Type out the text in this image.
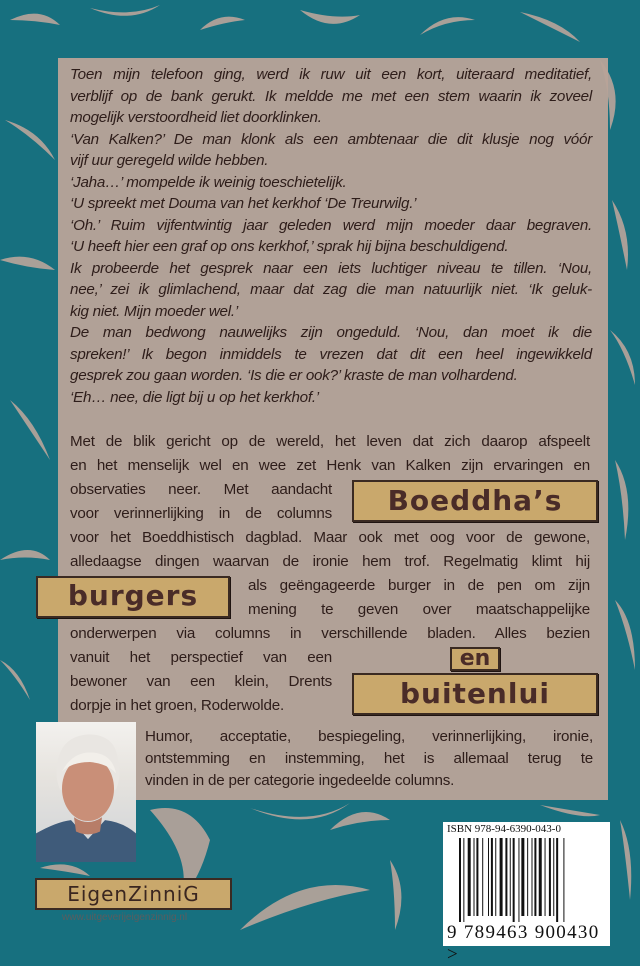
Toen mijn telefoon ging, werd ik ruw uit een kort, uiteraard meditatief,
verblijf op de bank gerukt. Ik meldde me met een stem waarin ik zoveel
mogelijk verstoordheid liet doorklinken.
‘Van Kalken?’ De man klonk als een ambtenaar die dit klusje nog vóór
vijf uur geregeld wilde hebben.
‘Jaha…’ mompelde ik weinig toeschietelijk.
‘U spreekt met Douma van het kerkhof ‘De Treurwilg.’
‘Oh.’ Ruim vijfentwintig jaar geleden werd mijn moeder daar begraven.
‘U heeft hier een graf op ons kerkhof,’ sprak hij bijna beschuldigend.
Ik probeerde het gesprek naar een iets luchtiger niveau te tillen. ‘Nou,
nee,’ zei ik glimlachend, maar dat zag die man natuurlijk niet. ‘Ik geluk-
kig niet. Mijn moeder wel.’
De man bedwong nauwelijks zijn ongeduld. ‘Nou, dan moet ik die
spreken!’ Ik begon inmiddels te vrezen dat dit een heel ingewikkeld
gesprek zou gaan worden. ‘Is die er ook?’ kraste de man volhardend.
‘Eh… nee, die ligt bij u op het kerkhof.’
Met de blik gericht op de wereld, het leven dat zich daarop afspeelt
en het menselijk wel en wee zet Henk van Kalken zijn ervaringen en
observaties neer. Met aandacht
voor verinnerlijking in de columns
voor het Boeddhistisch dagblad. Maar ook met oog voor de gewone,
alledaagse dingen waarvan de ironie hem trof. Regelmatig klimt hij
als geëngageerde burger in de pen om zijn
mening te geven over maatschappelijke
onderwerpen via columns in verschillende bladen. Alles bezien
vanuit het perspectief van een
bewoner van een klein, Drents
dorpje in het groen, Roderwolde.
Boeddha’s
burgers
en
buitenlui
Humor, acceptatie, bespiegeling, verinnerlijking, ironie,
ontstemming en instemming, het is allemaal terug te
vinden in de per categorie ingedeelde columns.
ISBN 978-94-6390-043-0
9 789463 900430 >
EigenZinniG
www.uitgeverijeigenzinnig.nl
